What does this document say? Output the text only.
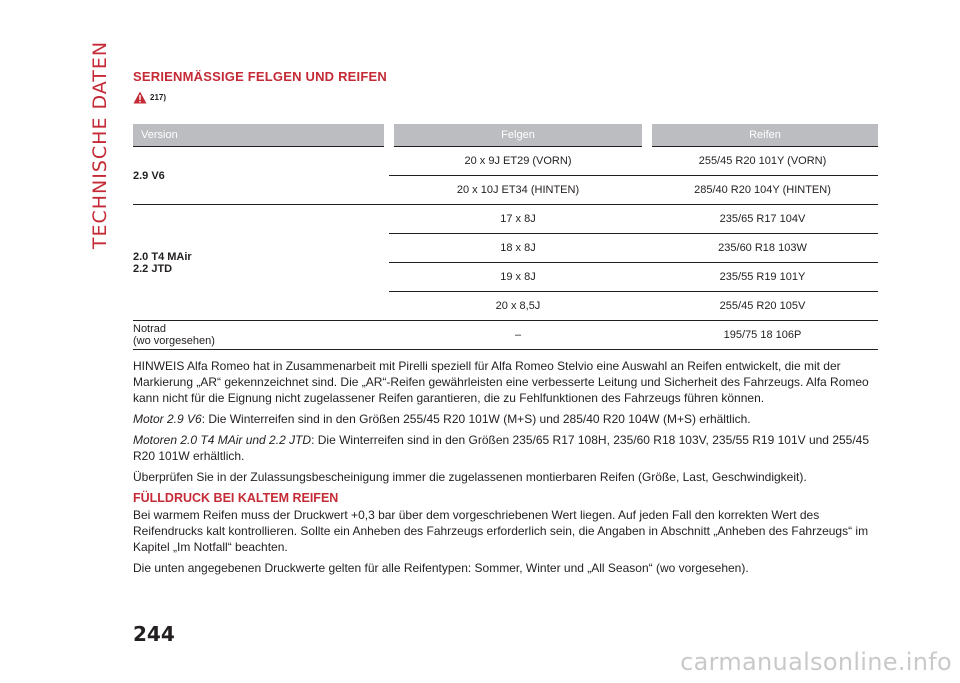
TECHNISCHE DATEN SERIENMÄSSIGE FELGEN UND REIFEN
217)
Version	Felgen	Reifen

2.9 V6	20 x 9J ET29 (VORN)	255/45 R20 101Y (VORN)
	20 x 10J ET34 (HINTEN)	285/40 R20 104Y (HINTEN)

2.0 T4 MAir
2.2 JTD	17 x 8J	235/65 R17 104V
	18 x 8J	235/60 R18 103W
	19 x 8J	235/55 R19 101Y
	20 x 8,5J	255/45 R20 105V

Notrad
(wo vorgesehen)	–	195/75 18 106P

HINWEIS Alfa Romeo hat in Zusammenarbeit mit Pirelli speziell für Alfa Romeo Stelvio eine Auswahl an Reifen entwickelt, die mit der Markierung „AR“ gekennzeichnet sind. Die „AR“-Reifen gewährleisten eine verbesserte Leitung und Sicherheit des Fahrzeugs. Alfa Romeo kann nicht für die Eignung nicht zugelassener Reifen garantieren, die zu Fehlfunktionen des Fahrzeugs führen können.

Motor 2.9 V6: Die Winterreifen sind in den Größen 255/45 R20 101W (M+S) und 285/40 R20 104W (M+S) erhältlich.

Motoren 2.0 T4 MAir und 2.2 JTD: Die Winterreifen sind in den Größen 235/65 R17 108H, 235/60 R18 103V, 235/55 R19 101V und 255/45 R20 101W erhältlich.

Überprüfen Sie in der Zulassungsbescheinigung immer die zugelassenen montierbaren Reifen (Größe, Last, Geschwindigkeit).

FÜLLDRUCK BEI KALTEM REIFEN

Bei warmem Reifen muss der Druckwert +0,3 bar über dem vorgeschriebenen Wert liegen. Auf jeden Fall den korrekten Wert des Reifendrucks kalt kontrollieren. Sollte ein Anheben des Fahrzeugs erforderlich sein, die Angaben in Abschnitt „Anheben des Fahrzeugs“ im Kapitel „Im Notfall“ beachten.

Die unten angegebenen Druckwerte gelten für alle Reifentypen: Sommer, Winter und „All Season“ (wo vorgesehen).

244
carmanualsonline.info
